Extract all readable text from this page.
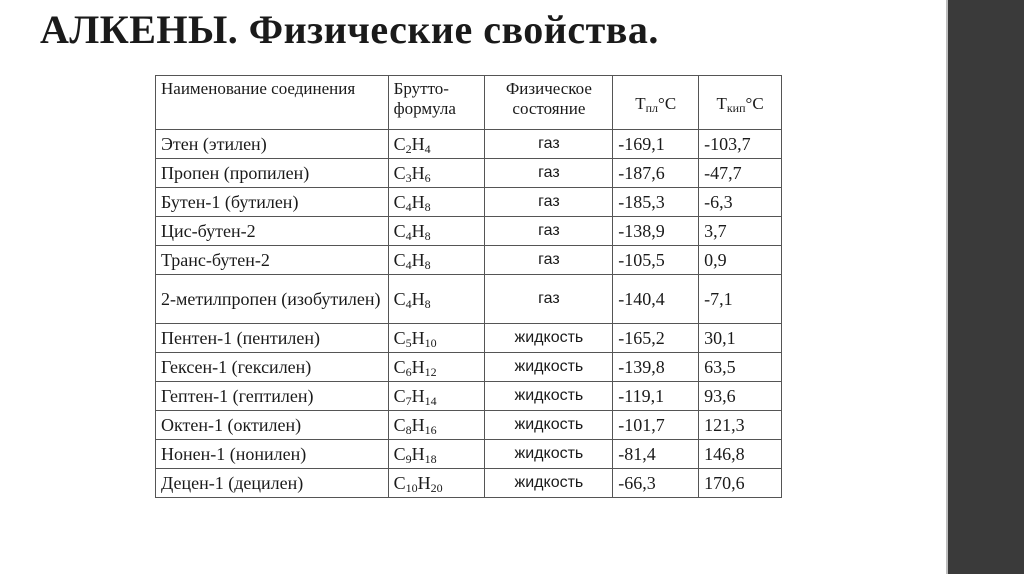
АЛКЕНЫ. Физические свойства.
Наименование соединения	Брутто-формула	Физическое состояние	$T_{пл}^\circ C$	$T_{кип}^\circ C$
Этен (этилен)	$C_2H_4$	газ	-169,1	-103,7
Пропен (пропилен)	$C_3H_6$	газ	-187,6	-47,7
Бутен-1 (бутилен)	$C_4H_8$	газ	-185,3	-6,3
Цис-бутен-2	$C_4H_8$	газ	-138,9	3,7
Транс-бутен-2	$C_4H_8$	газ	-105,5	0,9
2-метилпропен (изобутилен)	$C_4H_8$	газ	-140,4	-7,1
Пентен-1 (пентилен)	$C_5H_{10}$	жидкость	-165,2	30,1
Гексен-1 (гексилен)	$C_6H_{12}$	жидкость	-139,8	63,5
Гептен-1 (гептилен)	$C_7H_{14}$	жидкость	-119,1	93,6
Октен-1 (октилен)	$C_8H_{16}$	жидкость	-101,7	121,3
Нонен-1 (нонилен)	$C_9H_{18}$	жидкость	-81,4	146,8
Децен-1 (децилен)	$C_{10}H_{20}$	жидкость	-66,3	170,6
